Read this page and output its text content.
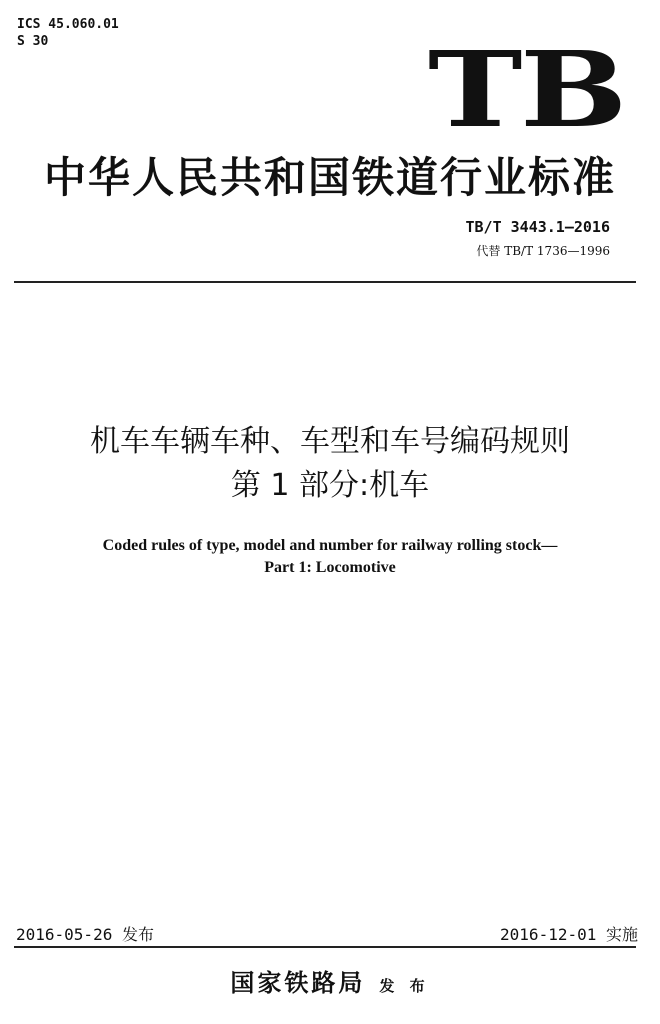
ICS 45.060.01
S 30	TB
中华人民共和国铁道行业标准
TB/T 3443.1—2016
代替 TB/T 1736—1996
机车车辆车种、车型和车号编码规则
第 1 部分:机车
Coded rules of type, model and number for railway rolling stock—
Part 1: Locomotive
2016-05-26 发布	2016-12-01 实施
国家铁路局 发 布
